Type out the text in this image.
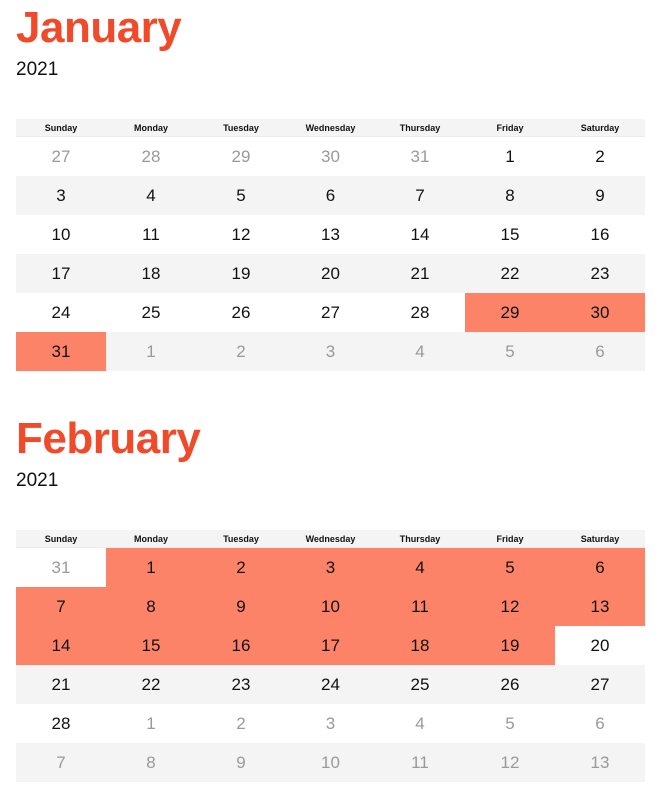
January
2021
Sunday	Monday	Tuesday	Wednesday	Thursday	Friday	Saturday
27	28	29	30	31	1	2
3	4	5	6	7	8	9
10	11	12	13	14	15	16
17	18	19	20	21	22	23
24	25	26	27	28	29	30
31	1	2	3	4	5	6
February
2021
Sunday	Monday	Tuesday	Wednesday	Thursday	Friday	Saturday
31	1	2	3	4	5	6
7	8	9	10	11	12	13
14	15	16	17	18	19	20
21	22	23	24	25	26	27
28	1	2	3	4	5	6
7	8	9	10	11	12	13
